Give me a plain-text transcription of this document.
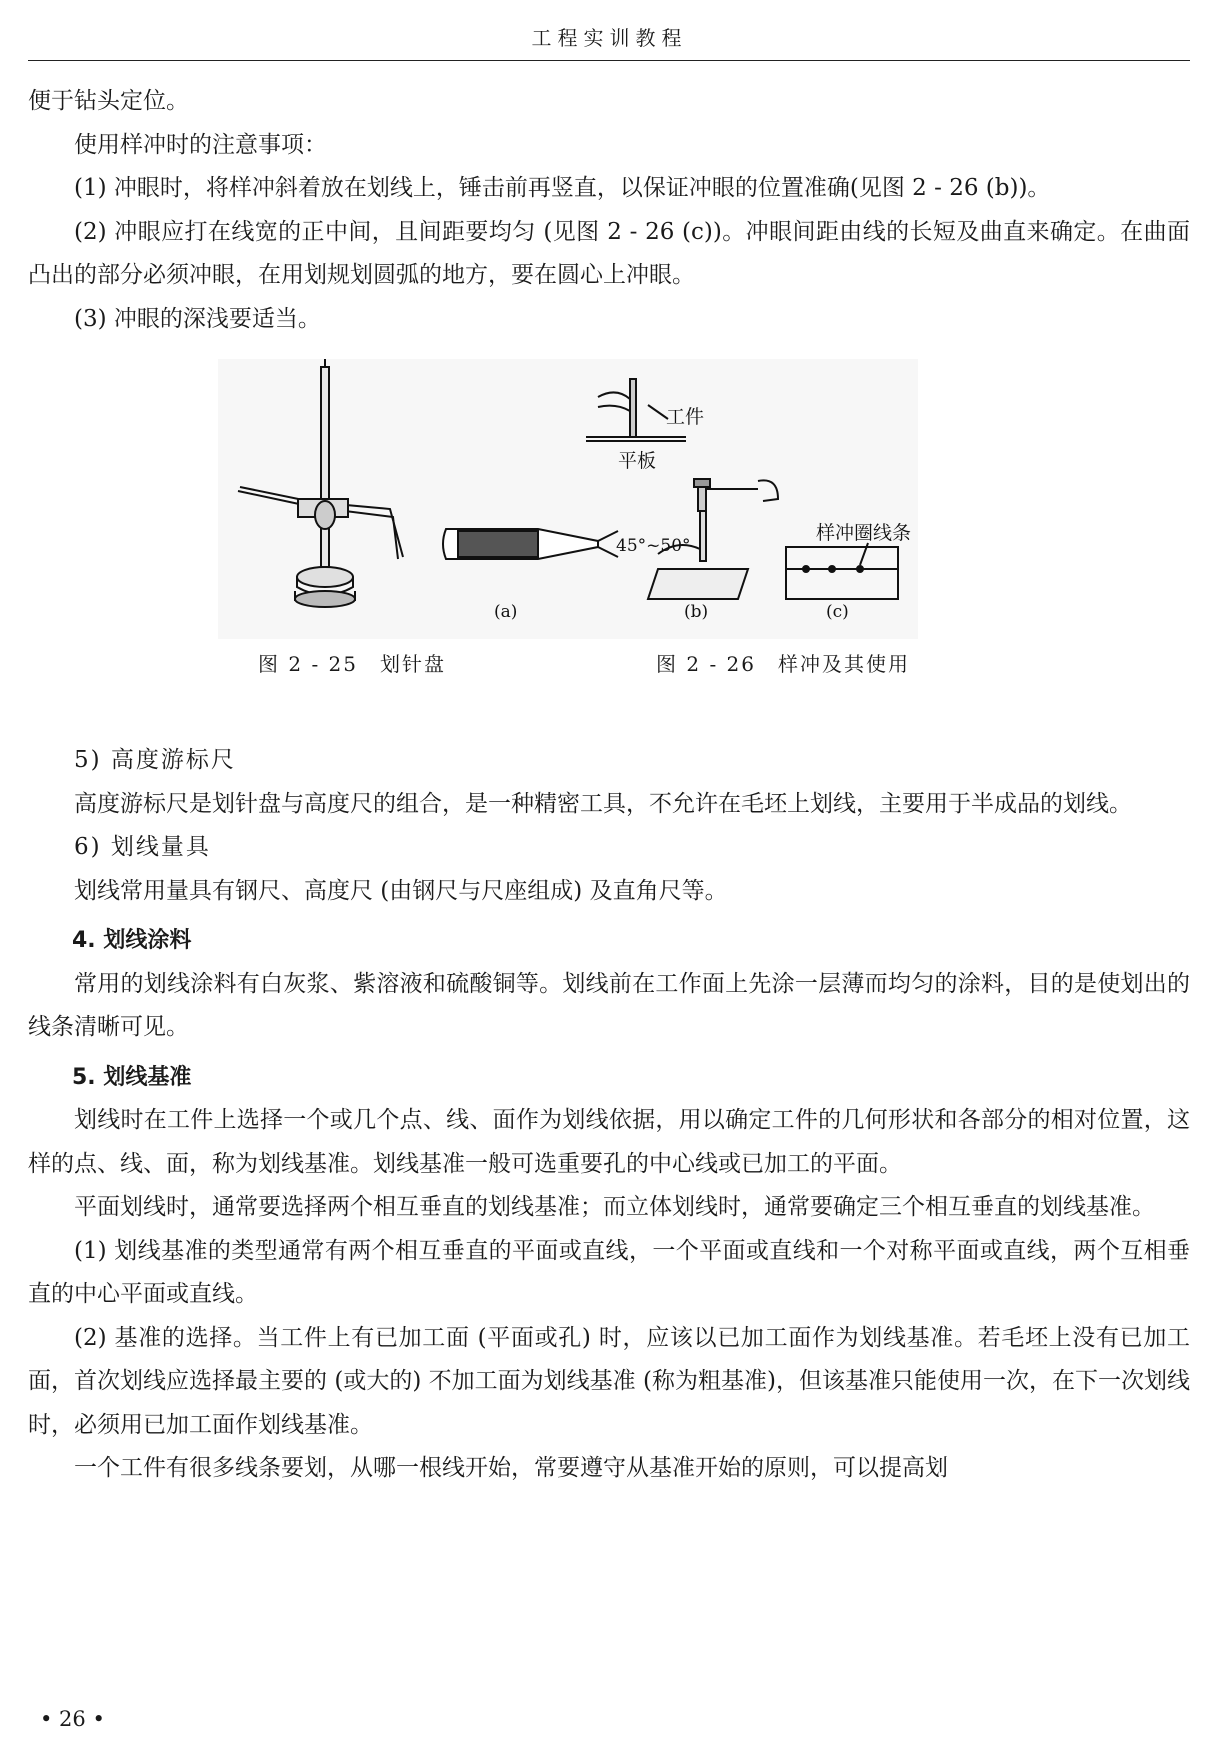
工程实训教程

便于钻头定位。

使用样冲时的注意事项：

(1) 冲眼时，将样冲斜着放在划线上，锤击前再竖直，以保证冲眼的位置准确(见图 2 - 26 (b))。

(2) 冲眼应打在线宽的正中间，且间距要均匀 (见图 2 - 26 (c))。冲眼间距由线的长短及曲直来确定。在曲面凸出的部分必须冲眼，在用划规划圆弧的地方，要在圆心上冲眼。

(3) 冲眼的深浅要适当。

45°~50°
(a)
工件
平板
(b)
样冲圈线条
(c)
图 2 - 25　划针盘	图 2 - 26　样冲及其使用

5) 高度游标尺

高度游标尺是划针盘与高度尺的组合，是一种精密工具，不允许在毛坯上划线，主要用于半成品的划线。

6) 划线量具

划线常用量具有钢尺、高度尺 (由钢尺与尺座组成) 及直角尺等。

4. 划线涂料

常用的划线涂料有白灰浆、紫溶液和硫酸铜等。划线前在工作面上先涂一层薄而均匀的涂料，目的是使划出的线条清晰可见。

5. 划线基准

划线时在工件上选择一个或几个点、线、面作为划线依据，用以确定工件的几何形状和各部分的相对位置，这样的点、线、面，称为划线基准。划线基准一般可选重要孔的中心线或已加工的平面。

平面划线时，通常要选择两个相互垂直的划线基准；而立体划线时，通常要确定三个相互垂直的划线基准。

(1) 划线基准的类型通常有两个相互垂直的平面或直线，一个平面或直线和一个对称平面或直线，两个互相垂直的中心平面或直线。

(2) 基准的选择。当工件上有已加工面 (平面或孔) 时，应该以已加工面作为划线基准。若毛坯上没有已加工面，首次划线应选择最主要的 (或大的) 不加工面为划线基准 (称为粗基准)，但该基准只能使用一次，在下一次划线时，必须用已加工面作划线基准。

一个工件有很多线条要划，从哪一根线开始，常要遵守从基准开始的原则，可以提高划

• 26 •
